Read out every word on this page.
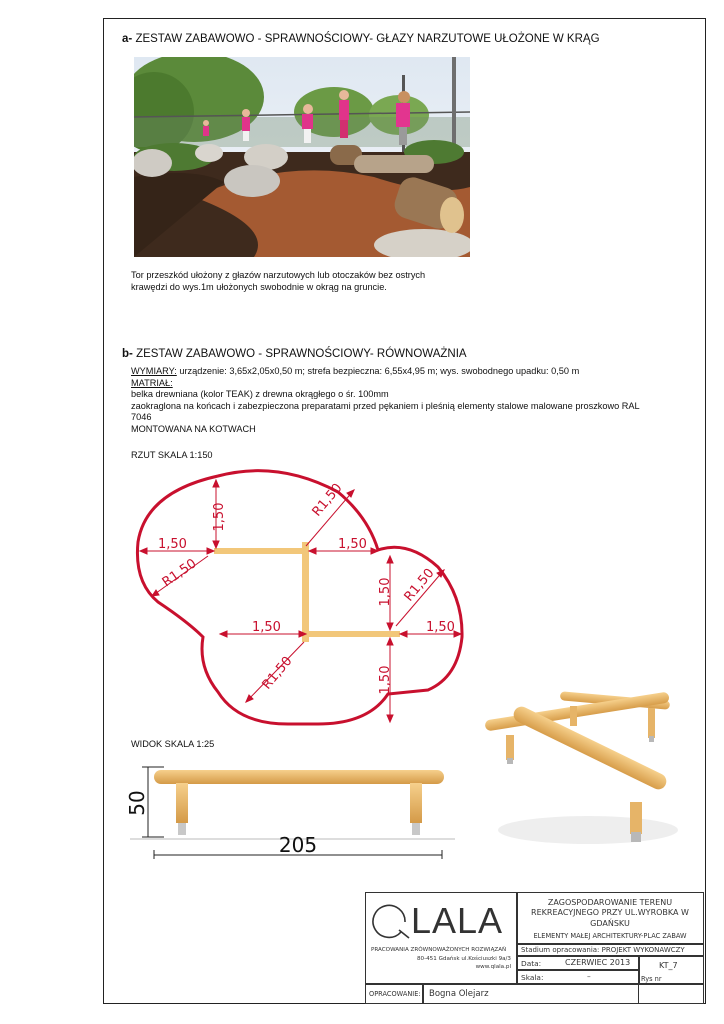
a- ZESTAW ZABAWOWO - SPRAWNOŚCIOWY- GŁAZY NARZUTOWE UŁOŻONE W KRĄG
Tor przeszkód ułożony z głazów narzutowych lub otoczaków bez ostrych
krawędzi do wys.1m ułożonych swobodnie w okrąg na gruncie.
b- ZESTAW ZABAWOWO - SPRAWNOŚCIOWY- RÓWNOWAŻNIA
WYMIARY: urządzenie: 3,65x2,05x0,50 m; strefa bezpieczna: 6,55x4,95 m; wys. swobodnego upadku: 0,50 m
MATRIAŁ:
belka drewniana (kolor TEAK) z drewna okrągłego o śr. 100mm
zaokraglona na końcach i zabezpieczona preparatami przed pękaniem i pleśnią elementy stalowe malowane proszkowo RAL
7046
MONTOWANA NA KOTWACH
RZUT SKALA 1:150
1,50
1,50	1,50
R1,50
R1,50
1,50 R1,50
1,50	1,50
1,50
R1,50
WIDOK SKALA 1:25
50
205
LALA
PRACOWANIA ZRÓWNOWAŻONYCH ROZWIĄZAŃ
80-451 Gdańsk ul.Kościuszki 9a/3
www.qlala.pl
ZAGOSPODAROWANIE TERENU
REKREACYJNEGO PRZY UL.WYROBKA W
GDAŃSKU
ELEMENTY MAŁEJ ARCHITEKTURY-PLAC ZABAW
Stadium opracowania: PROJEKT WYKONAWCZY
Data:	CZERWIEC 2013	KT_7
Skala:	–	Rys nr
OPRACOWANIE: Bogna Olejarz
